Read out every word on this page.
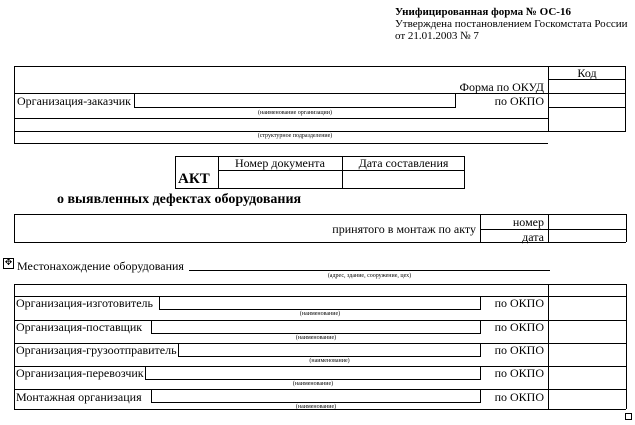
Унифицированная форма № ОС-16
Утверждена постановлением Госкомстата России
от 21.01.2003 № 7
Код
Форма по ОКУД
по ОКПО
Организация-заказчик
(наименование организации)
(структурное подразделение)
Номер документа	Дата составления
АКТ
о выявленных дефектах оборудования
принятого в монтаж по акту	номер
дата
✥ Местонахождение оборудования
(адрес, здание, сооружение, цех)
Организация-изготовитель
(наименование)
по ОКПО
Организация-поставщик
(наименование)
по ОКПО
Организация-грузоотправитель
(наименование)
по ОКПО
Организация-перевозчик
(наименование)
по ОКПО
Монтажная организация
(наименование)
по ОКПО
